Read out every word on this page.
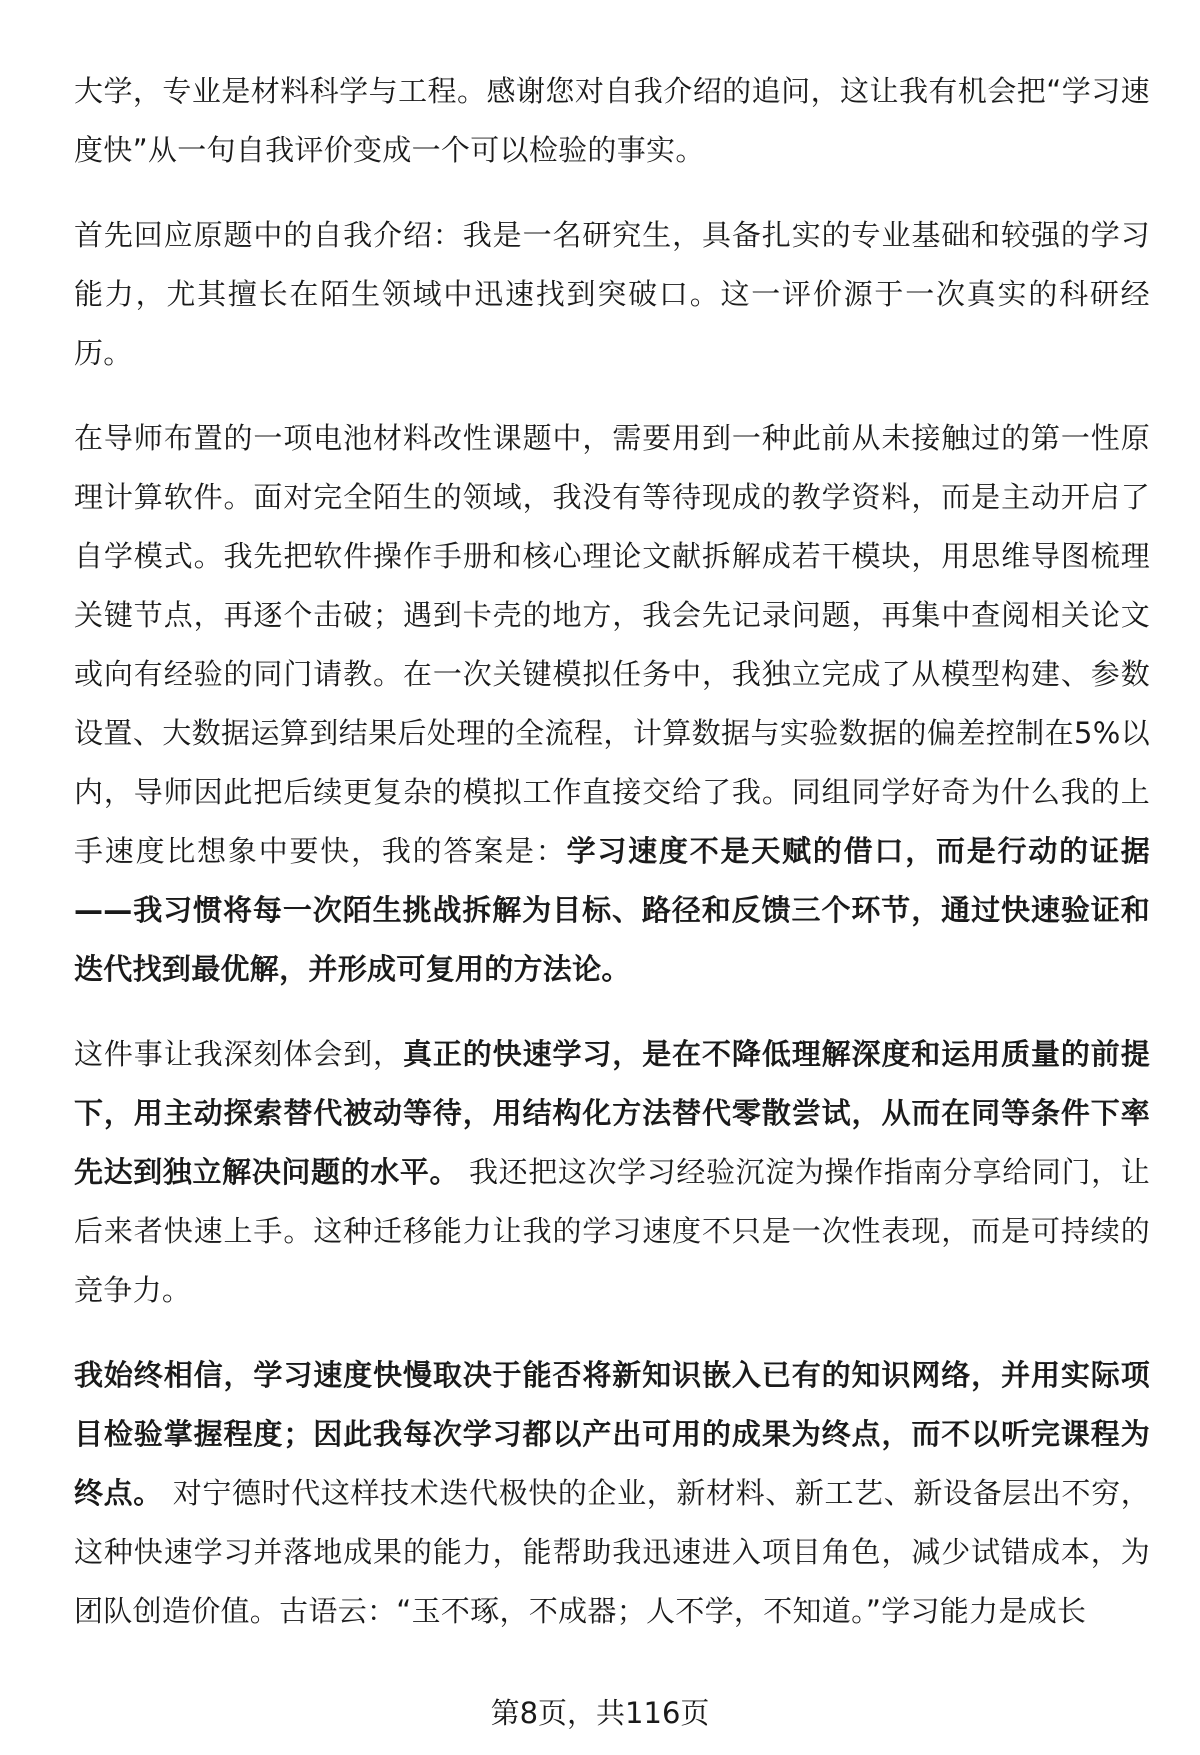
大学，专业是材料科学与工程。感谢您对自我介绍的追问，这让我有机会把“学习速度快”从一句自我评价变成一个可以检验的事实。

首先回应原题中的自我介绍：我是一名研究生，具备扎实的专业基础和较强的学习能力，尤其擅长在陌生领域中迅速找到突破口。这一评价源于一次真实的科研经历。

在导师布置的一项电池材料改性课题中，需要用到一种此前从未接触过的第一性原理计算软件。面对完全陌生的领域，我没有等待现成的教学资料，而是主动开启了自学模式。我先把软件操作手册和核心理论文献拆解成若干模块，用思维导图梳理关键节点，再逐个击破；遇到卡壳的地方，我会先记录问题，再集中查阅相关论文或向有经验的同门请教。在一次关键模拟任务中，我独立完成了从模型构建、参数设置、大数据运算到结果后处理的全流程，计算数据与实验数据的偏差控制在5%以内，导师因此把后续更复杂的模拟工作直接交给了我。同组同学好奇为什么我的上手速度比想象中要快，我的答案是：学习速度不是天赋的借口，而是行动的证据——我习惯将每一次陌生挑战拆解为目标、路径和反馈三个环节，通过快速验证和迭代找到最优解，并形成可复用的方法论。

这件事让我深刻体会到，真正的快速学习，是在不降低理解深度和运用质量的前提下，用主动探索替代被动等待，用结构化方法替代零散尝试，从而在同等条件下率先达到独立解决问题的水平。 我还把这次学习经验沉淀为操作指南分享给同门，让后来者快速上手。这种迁移能力让我的学习速度不只是一次性表现，而是可持续的竞争力。

我始终相信，学习速度快慢取决于能否将新知识嵌入已有的知识网络，并用实际项目检验掌握程度；因此我每次学习都以产出可用的成果为终点，而不以听完课程为终点。 对宁德时代这样技术迭代极快的企业，新材料、新工艺、新设备层出不穷，这种快速学习并落地成果的能力，能帮助我迅速进入项目角色，减少试错成本，为团队创造价值。古语云：“玉不琢，不成器；人不学，不知道。”学习能力是成长

第8页，共116页
